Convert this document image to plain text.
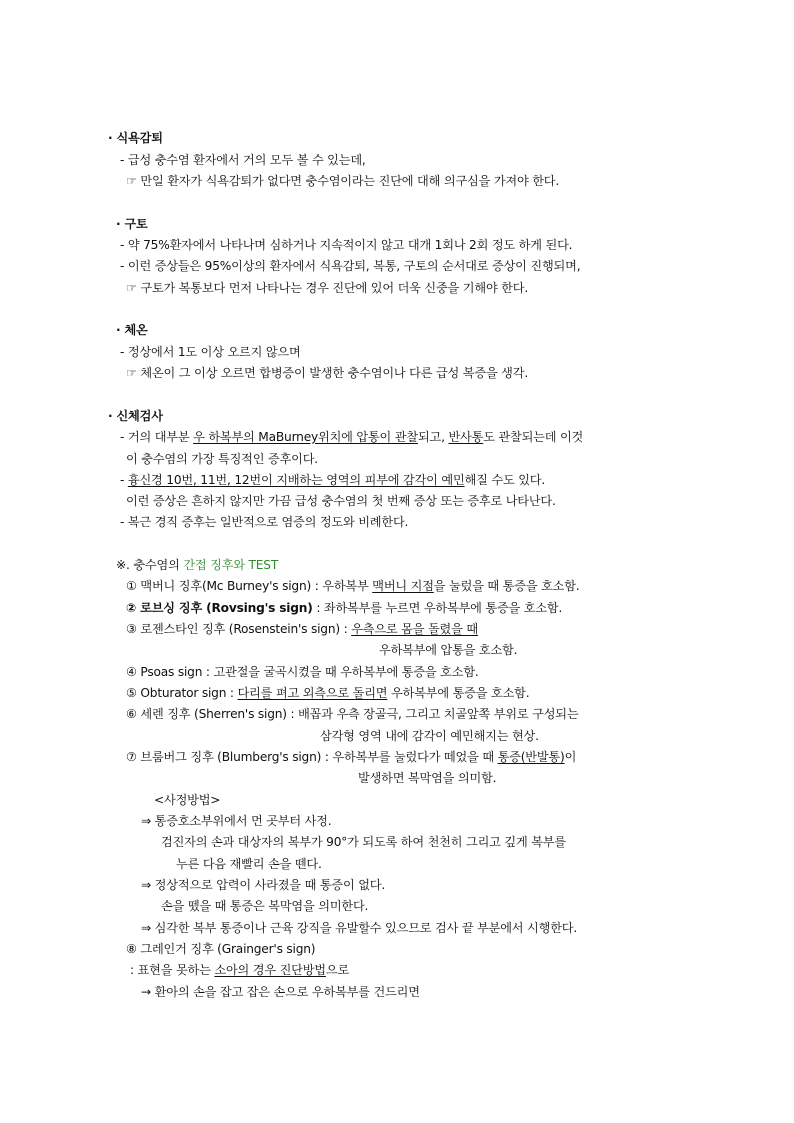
· 식욕감퇴
- 급성 충수염 환자에서 거의 모두 볼 수 있는데,
☞ 만일 환자가 식욕감퇴가 없다면 충수염이라는 진단에 대해 의구심을 가져야 한다.
· 구토
- 약 75%환자에서 나타나며 심하거나 지속적이지 않고 대개 1회나 2회 정도 하게 된다.
- 이런 증상들은 95%이상의 환자에서 식욕감퇴, 복통, 구토의 순서대로 증상이 진행되며,
☞ 구토가 복통보다 먼저 나타나는 경우 진단에 있어 더욱 신중을 기해야 한다.
· 체온
- 정상에서 1도 이상 오르지 않으며
☞ 체온이 그 이상 오르면 합병증이 발생한 충수염이나 다른 급성 복증을 생각.
· 신체검사
- 거의 대부분 우 하복부의 MaBurney위치에 압통이 관찰되고, 반사통도 관찰되는데 이것
이 충수염의 가장 특징적인 증후이다.
- 흉신경 10번, 11번, 12번이 지배하는 영역의 피부에 감각이 예민해질 수도 있다.
이런 증상은 흔하지 않지만 가끔 급성 충수염의 첫 번째 증상 또는 증후로 나타난다.
- 복근 경직 증후는 일반적으로 염증의 정도와 비례한다.
※. 충수염의 간접 징후와 TEST
① 맥버니 징후(Mc Burney's sign) : 우하복부 맥버니 지점을 눌렀을 때 통증을 호소함.
② 로브싱 징후 (Rovsing's sign) : 좌하복부를 누르면 우하복부에 통증을 호소함.
③ 로젠스타인 징후 (Rosenstein's sign) : 우측으로 몸을 돌렸을 때
우하복부에 압통을 호소함.
④ Psoas sign : 고관절을 굴곡시켰을 때 우하복부에 통증을 호소함.
⑤ Obturator sign : 다리를 펴고 외측으로 돌리면 우하복부에 통증을 호소함.
⑥ 세렌 징후 (Sherren's sign) : 배꼽과 우측 장골극, 그리고 치골앞쪽 부위로 구성되는
삼각형 영역 내에 감각이 예민해지는 현상.
⑦ 브룸버그 징후 (Blumberg's sign) : 우하복부를 눌렀다가 떼었을 때 통증(반발통)이
발생하면 복막염을 의미함.
<사정방법>
⇒ 통증호소부위에서 먼 곳부터 사정.
검진자의 손과 대상자의 복부가 90°가 되도록 하여 천천히 그리고 깊게 복부를
누른 다음 재빨리 손을 뗀다.
⇒ 정상적으로 압력이 사라졌을 때 통증이 없다.
손을 뗐을 때 통증은 복막염을 의미한다.
⇒ 심각한 복부 통증이나 근육 강직을 유발할수 있으므로 검사 끝 부분에서 시행한다.
⑧ 그레인거 징후 (Grainger's sign)
: 표현을 못하는 소아의 경우 진단방법으로
→ 환아의 손을 잡고 잡은 손으로 우하복부를 건드리면
